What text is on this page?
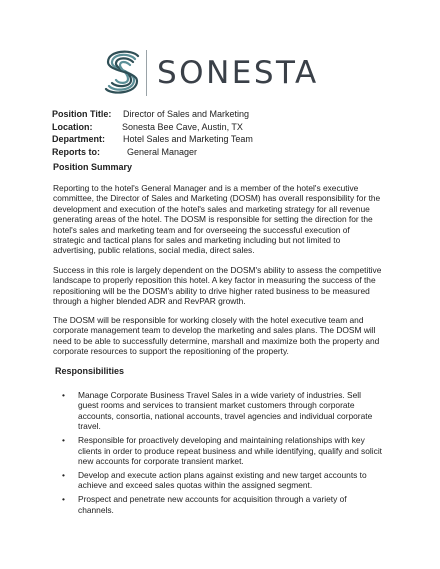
SONESTA
Position Title: Director of Sales and Marketing
Location:	Sonesta Bee Cave, Austin, TX
Department: Hotel Sales and Marketing Team
Reports to:	General Manager
Position Summary

Reporting to the hotel's General Manager and is a member of the hotel's executive committee, the Director of Sales and Marketing (DOSM) has overall responsibility for the development and execution of the hotel's sales and marketing strategy for all revenue generating areas of the hotel. The DOSM is responsible for setting the direction for the hotel's sales and marketing team and for overseeing the successful execution of strategic and tactical plans for sales and marketing including but not limited to advertising, public relations, social media, direct sales.

Success in this role is largely dependent on the DOSM's ability to assess the competitive landscape to properly reposition this hotel. A key factor in measuring the success of the repositioning will be the DOSM's ability to drive higher rated business to be measured through a higher blended ADR and RevPAR growth.

The DOSM will be responsible for working closely with the hotel executive team and corporate management team to develop the marketing and sales plans. The DOSM will need to be able to successfully determine, marshall and maximize both the property and corporate resources to support the repositioning of the property.

Responsibilities
• Manage Corporate Business Travel Sales in a wide variety of industries. Sell guest rooms and services to transient market customers through corporate accounts, consortia, national accounts, travel agencies and individual corporate travel.
• Responsible for proactively developing and maintaining relationships with key clients in order to produce repeat business and while identifying, qualify and solicit new accounts for corporate transient market.
• Develop and execute action plans against existing and new target accounts to achieve and exceed sales quotas within the assigned segment.
• Prospect and penetrate new accounts for acquisition through a variety of channels.
